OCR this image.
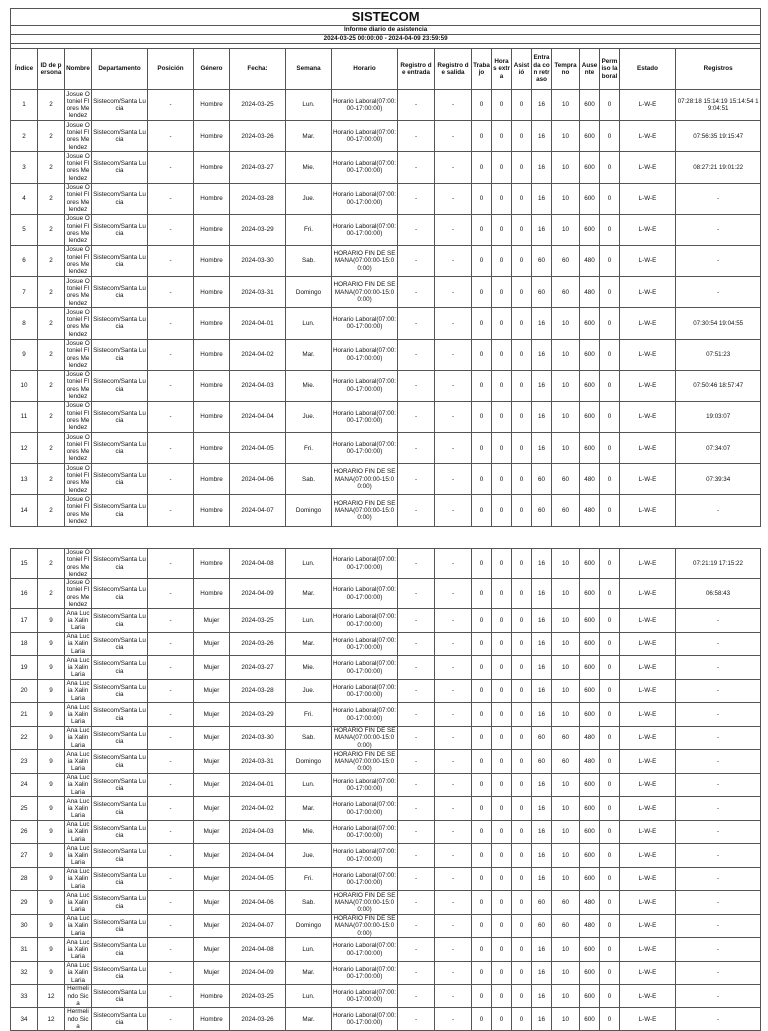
SISTECOM																			
Informe diario de asistencia																			
2024-03-25 00:00:00 - 2024-04-09 23:59:59																			

Índice	ID de persona	Nombre	Departamento	Posición	Género	Fecha:	Semana	Horario	Registro de entrada	Registro de salida	Trabajo	Horas extra	Asistió	Entrada con retraso	Temprano	Ausente	Permiso laboral	Estado	Registros
1	2	Josue Otoniel Flores Melendez	Sistecom/Santa Lucia	-	Hombre	2024-03-25	Lun.	Horario Laboral(07:00:00-17:00:00)	-	-	0	0	0	16	10	600	0	L-W-E	07:28:18 15:14:19 15:14:54 19:04:51
2	2	Josue Otoniel Flores Melendez	Sistecom/Santa Lucia	-	Hombre	2024-03-26	Mar.	Horario Laboral(07:00:00-17:00:00)	-	-	0	0	0	16	10	600	0	L-W-E	07:56:35 19:15:47
3	2	Josue Otoniel Flores Melendez	Sistecom/Santa Lucia	-	Hombre	2024-03-27	Mie.	Horario Laboral(07:00:00-17:00:00)	-	-	0	0	0	16	10	600	0	L-W-E	08:27:21 19:01:22
4	2	Josue Otoniel Flores Melendez	Sistecom/Santa Lucia	-	Hombre	2024-03-28	Jue.	Horario Laboral(07:00:00-17:00:00)	-	-	0	0	0	16	10	600	0	L-W-E	-
5	2	Josue Otoniel Flores Melendez	Sistecom/Santa Lucia	-	Hombre	2024-03-29	Fri.	Horario Laboral(07:00:00-17:00:00)	-	-	0	0	0	16	10	600	0	L-W-E	-
6	2	Josue Otoniel Flores Melendez	Sistecom/Santa Lucia	-	Hombre	2024-03-30	Sab.	HORARIO FIN DE SEMANA(07:00:00-15:00:00)	-	-	0	0	0	60	60	480	0	L-W-E	-
7	2	Josue Otoniel Flores Melendez	Sistecom/Santa Lucia	-	Hombre	2024-03-31	Domingo	HORARIO FIN DE SEMANA(07:00:00-15:00:00)	-	-	0	0	0	60	60	480	0	L-W-E	-
8	2	Josue Otoniel Flores Melendez	Sistecom/Santa Lucia	-	Hombre	2024-04-01	Lun.	Horario Laboral(07:00:00-17:00:00)	-	-	0	0	0	16	10	600	0	L-W-E	07:30:54 19:04:55
9	2	Josue Otoniel Flores Melendez	Sistecom/Santa Lucia	-	Hombre	2024-04-02	Mar.	Horario Laboral(07:00:00-17:00:00)	-	-	0	0	0	16	10	600	0	L-W-E	07:51:23
10	2	Josue Otoniel Flores Melendez	Sistecom/Santa Lucia	-	Hombre	2024-04-03	Mie.	Horario Laboral(07:00:00-17:00:00)	-	-	0	0	0	16	10	600	0	L-W-E	07:50:46 18:57:47
11	2	Josue Otoniel Flores Melendez	Sistecom/Santa Lucia	-	Hombre	2024-04-04	Jue.	Horario Laboral(07:00:00-17:00:00)	-	-	0	0	0	16	10	600	0	L-W-E	19:03:07
12	2	Josue Otoniel Flores Melendez	Sistecom/Santa Lucia	-	Hombre	2024-04-05	Fri.	Horario Laboral(07:00:00-17:00:00)	-	-	0	0	0	16	10	600	0	L-W-E	07:34:07
13	2	Josue Otoniel Flores Melendez	Sistecom/Santa Lucia	-	Hombre	2024-04-06	Sab.	HORARIO FIN DE SEMANA(07:00:00-15:00:00)	-	-	0	0	0	60	60	480	0	L-W-E	07:39:34
14	2	Josue Otoniel Flores Melendez	Sistecom/Santa Lucia	-	Hombre	2024-04-07	Domingo	HORARIO FIN DE SEMANA(07:00:00-15:00:00)	-	-	0	0	0	60	60	480	0	L-W-E	-
15	2	Josue Otoniel Flores Melendez	Sistecom/Santa Lucia	-	Hombre	2024-04-08	Lun.	Horario Laboral(07:00:00-17:00:00)	-	-	0	0	0	16	10	600	0	L-W-E	07:21:19 17:15:22
16	2	Josue Otoniel Flores Melendez	Sistecom/Santa Lucia	-	Hombre	2024-04-09	Mar.	Horario Laboral(07:00:00-17:00:00)	-	-	0	0	0	16	10	600	0	L-W-E	06:58:43
17	9	Ana Lucia Xalin Laria	Sistecom/Santa Lucia	-	Mujer	2024-03-25	Lun.	Horario Laboral(07:00:00-17:00:00)	-	-	0	0	0	16	10	600	0	L-W-E	-
18	9	Ana Lucia Xalin Laria	Sistecom/Santa Lucia	-	Mujer	2024-03-26	Mar.	Horario Laboral(07:00:00-17:00:00)	-	-	0	0	0	16	10	600	0	L-W-E	-
19	9	Ana Lucia Xalin Laria	Sistecom/Santa Lucia	-	Mujer	2024-03-27	Mie.	Horario Laboral(07:00:00-17:00:00)	-	-	0	0	0	16	10	600	0	L-W-E	-
20	9	Ana Lucia Xalin Laria	Sistecom/Santa Lucia	-	Mujer	2024-03-28	Jue.	Horario Laboral(07:00:00-17:00:00)	-	-	0	0	0	16	10	600	0	L-W-E	-
21	9	Ana Lucia Xalin Laria	Sistecom/Santa Lucia	-	Mujer	2024-03-29	Fri.	Horario Laboral(07:00:00-17:00:00)	-	-	0	0	0	16	10	600	0	L-W-E	-
22	9	Ana Lucia Xalin Laria	Sistecom/Santa Lucia	-	Mujer	2024-03-30	Sab.	HORARIO FIN DE SEMANA(07:00:00-15:00:00)	-	-	0	0	0	60	60	480	0	L-W-E	-
23	9	Ana Lucia Xalin Laria	Sistecom/Santa Lucia	-	Mujer	2024-03-31	Domingo	HORARIO FIN DE SEMANA(07:00:00-15:00:00)	-	-	0	0	0	60	60	480	0	L-W-E	-
24	9	Ana Lucia Xalin Laria	Sistecom/Santa Lucia	-	Mujer	2024-04-01	Lun.	Horario Laboral(07:00:00-17:00:00)	-	-	0	0	0	16	10	600	0	L-W-E	-
25	9	Ana Lucia Xalin Laria	Sistecom/Santa Lucia	-	Mujer	2024-04-02	Mar.	Horario Laboral(07:00:00-17:00:00)	-	-	0	0	0	16	10	600	0	L-W-E	-
26	9	Ana Lucia Xalin Laria	Sistecom/Santa Lucia	-	Mujer	2024-04-03	Mie.	Horario Laboral(07:00:00-17:00:00)	-	-	0	0	0	16	10	600	0	L-W-E	-
27	9	Ana Lucia Xalin Laria	Sistecom/Santa Lucia	-	Mujer	2024-04-04	Jue.	Horario Laboral(07:00:00-17:00:00)	-	-	0	0	0	16	10	600	0	L-W-E	-
28	9	Ana Lucia Xalin Laria	Sistecom/Santa Lucia	-	Mujer	2024-04-05	Fri.	Horario Laboral(07:00:00-17:00:00)	-	-	0	0	0	16	10	600	0	L-W-E	-
29	9	Ana Lucia Xalin Laria	Sistecom/Santa Lucia	-	Mujer	2024-04-06	Sab.	HORARIO FIN DE SEMANA(07:00:00-15:00:00)	-	-	0	0	0	60	60	480	0	L-W-E	-
30	9	Ana Lucia Xalin Laria	Sistecom/Santa Lucia	-	Mujer	2024-04-07	Domingo	HORARIO FIN DE SEMANA(07:00:00-15:00:00)	-	-	0	0	0	60	60	480	0	L-W-E	-
31	9	Ana Lucia Xalin Laria	Sistecom/Santa Lucia	-	Mujer	2024-04-08	Lun.	Horario Laboral(07:00:00-17:00:00)	-	-	0	0	0	16	10	600	0	L-W-E	-
32	9	Ana Lucia Xalin Laria	Sistecom/Santa Lucia	-	Mujer	2024-04-09	Mar.	Horario Laboral(07:00:00-17:00:00)	-	-	0	0	0	16	10	600	0	L-W-E	-
33	12	Hermelindo Sica	Sistecom/Santa Lucia	-	Hombre	2024-03-25	Lun.	Horario Laboral(07:00:00-17:00:00)	-	-	0	0	0	16	10	600	0	L-W-E	-
34	12	Hermelindo Sica	Sistecom/Santa Lucia	-	Hombre	2024-03-26	Mar.	Horario Laboral(07:00:00-17:00:00)	-	-	0	0	0	16	10	600	0	L-W-E	-
